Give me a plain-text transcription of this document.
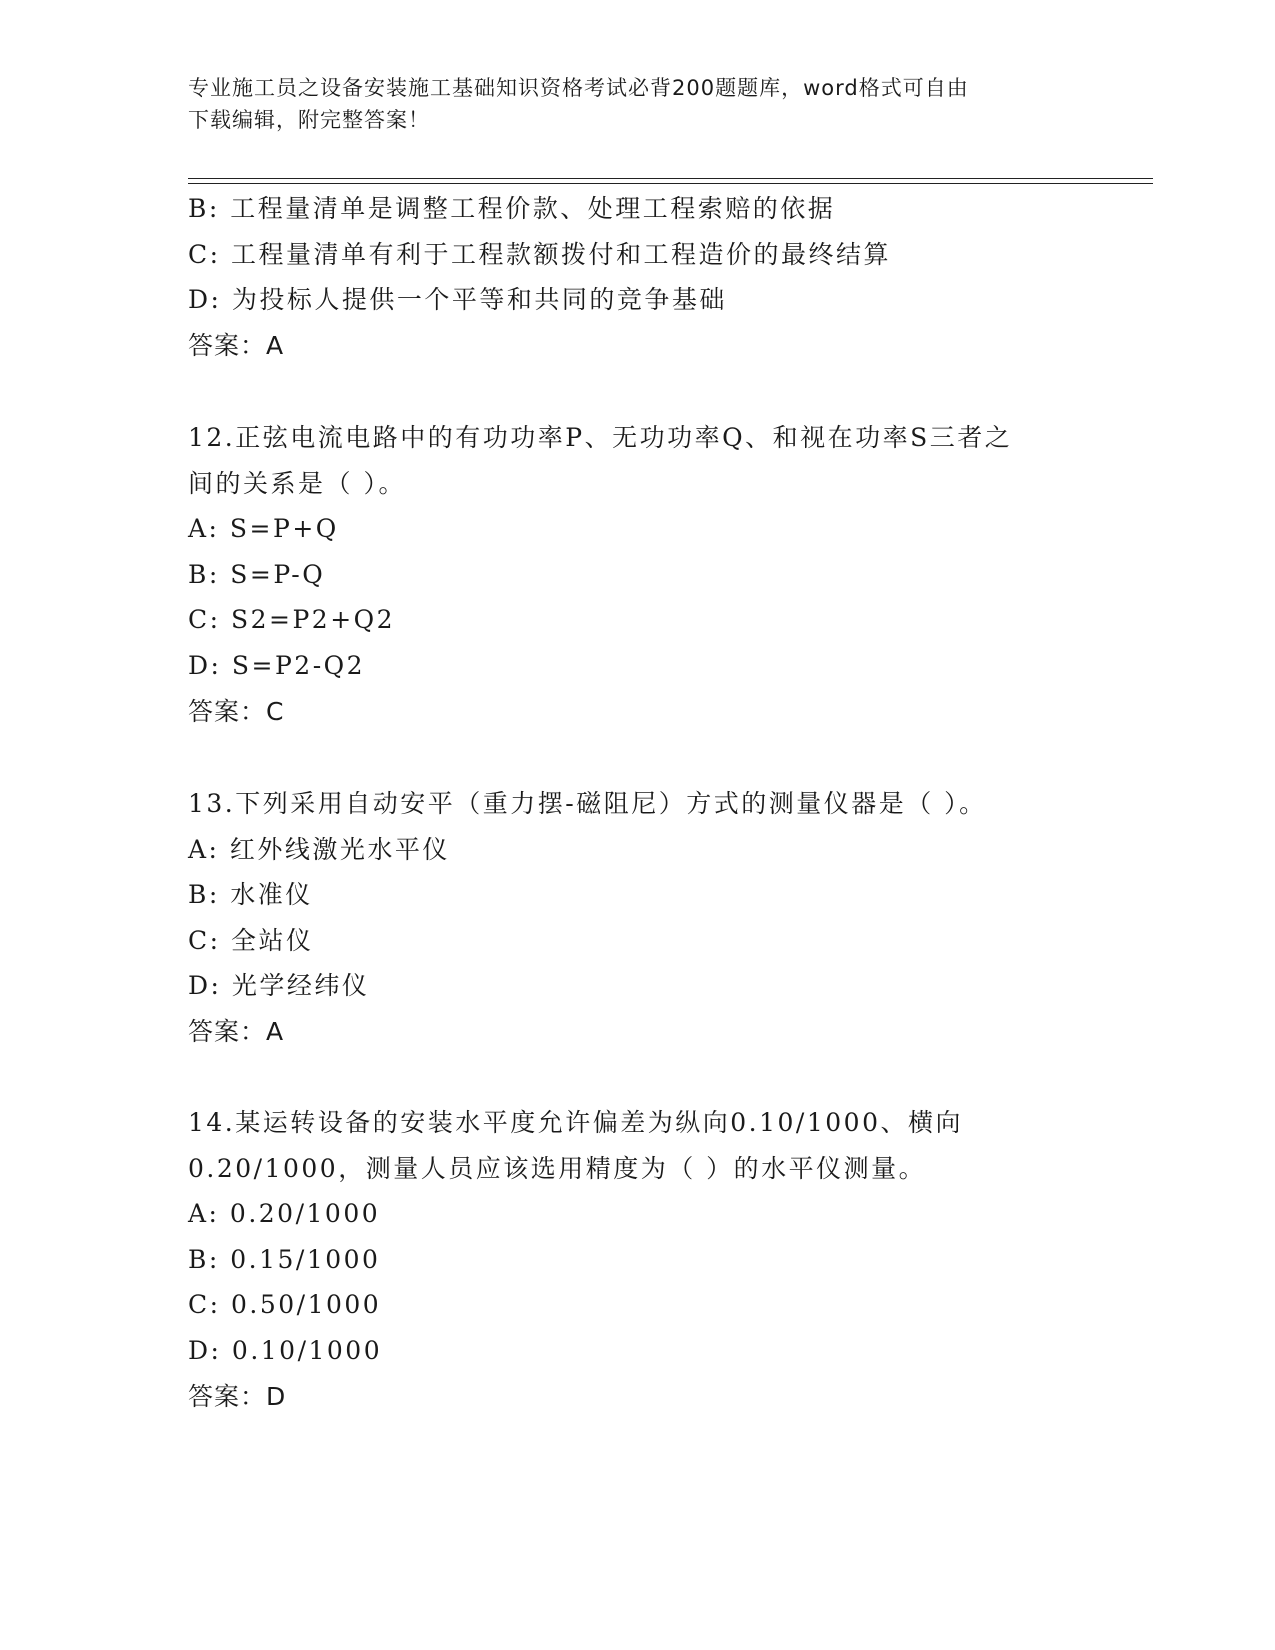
专业施工员之设备安装施工基础知识资格考试必背200题题库，word格式可自由
下载编辑，附完整答案！
B: 工程量清单是调整工程价款、处理工程索赔的依据
C: 工程量清单有利于工程款额拨付和工程造价的最终结算
D: 为投标人提供一个平等和共同的竞争基础
答案：A
12.正弦电流电路中的有功功率P、无功功率Q、和视在功率S三者之
间的关系是（ ）。
A: S=P+Q
B: S=P-Q
C: S2=P2+Q2
D: S=P2-Q2
答案：C
13.下列采用自动安平（重力摆-磁阻尼）方式的测量仪器是（ ）。
A: 红外线激光水平仪
B: 水准仪
C: 全站仪
D: 光学经纬仪
答案：A
14.某运转设备的安装水平度允许偏差为纵向0.10/1000、横向
0.20/1000，测量人员应该选用精度为（ ）的水平仪测量。
A: 0.20/1000
B: 0.15/1000
C: 0.50/1000
D: 0.10/1000
答案：D
